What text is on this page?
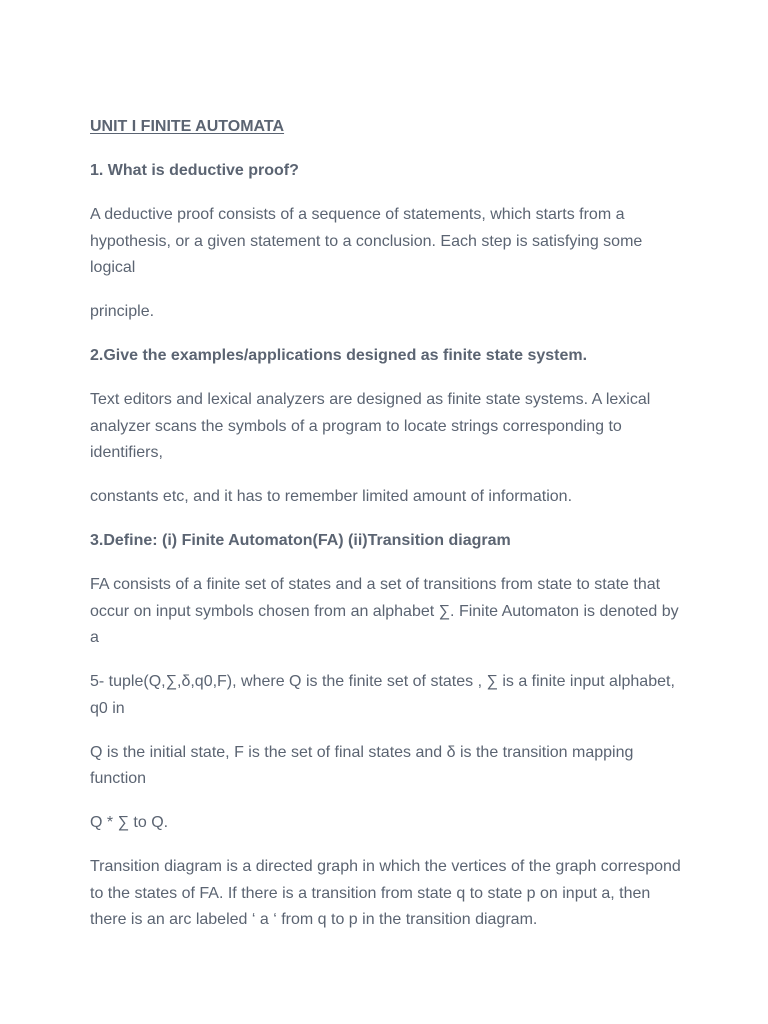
UNIT I FINITE AUTOMATA

1. What is deductive proof?

A deductive proof consists of a sequence of statements, which starts from a hypothesis, or a given statement to a conclusion. Each step is satisfying some logical

principle.

2.Give the examples/applications designed as finite state system.

Text editors and lexical analyzers are designed as finite state systems. A lexical analyzer scans the symbols of a program to locate strings corresponding to identifiers,

constants etc, and it has to remember limited amount of information.

3.Define: (i) Finite Automaton(FA) (ii)Transition diagram

FA consists of a finite set of states and a set of transitions from state to state that occur on input symbols chosen from an alphabet ∑. Finite Automaton is denoted by a

5- tuple(Q,∑,δ,q0,F), where Q is the finite set of states , ∑ is a finite input alphabet, q0 in

Q is the initial state, F is the set of final states and δ is the transition mapping function

Q * ∑ to Q.

Transition diagram is a directed graph in which the vertices of the graph correspond to the states of FA. If there is a transition from state q to state p on input a, then there is an arc labeled ‘ a ‘ from q to p in the transition diagram.
